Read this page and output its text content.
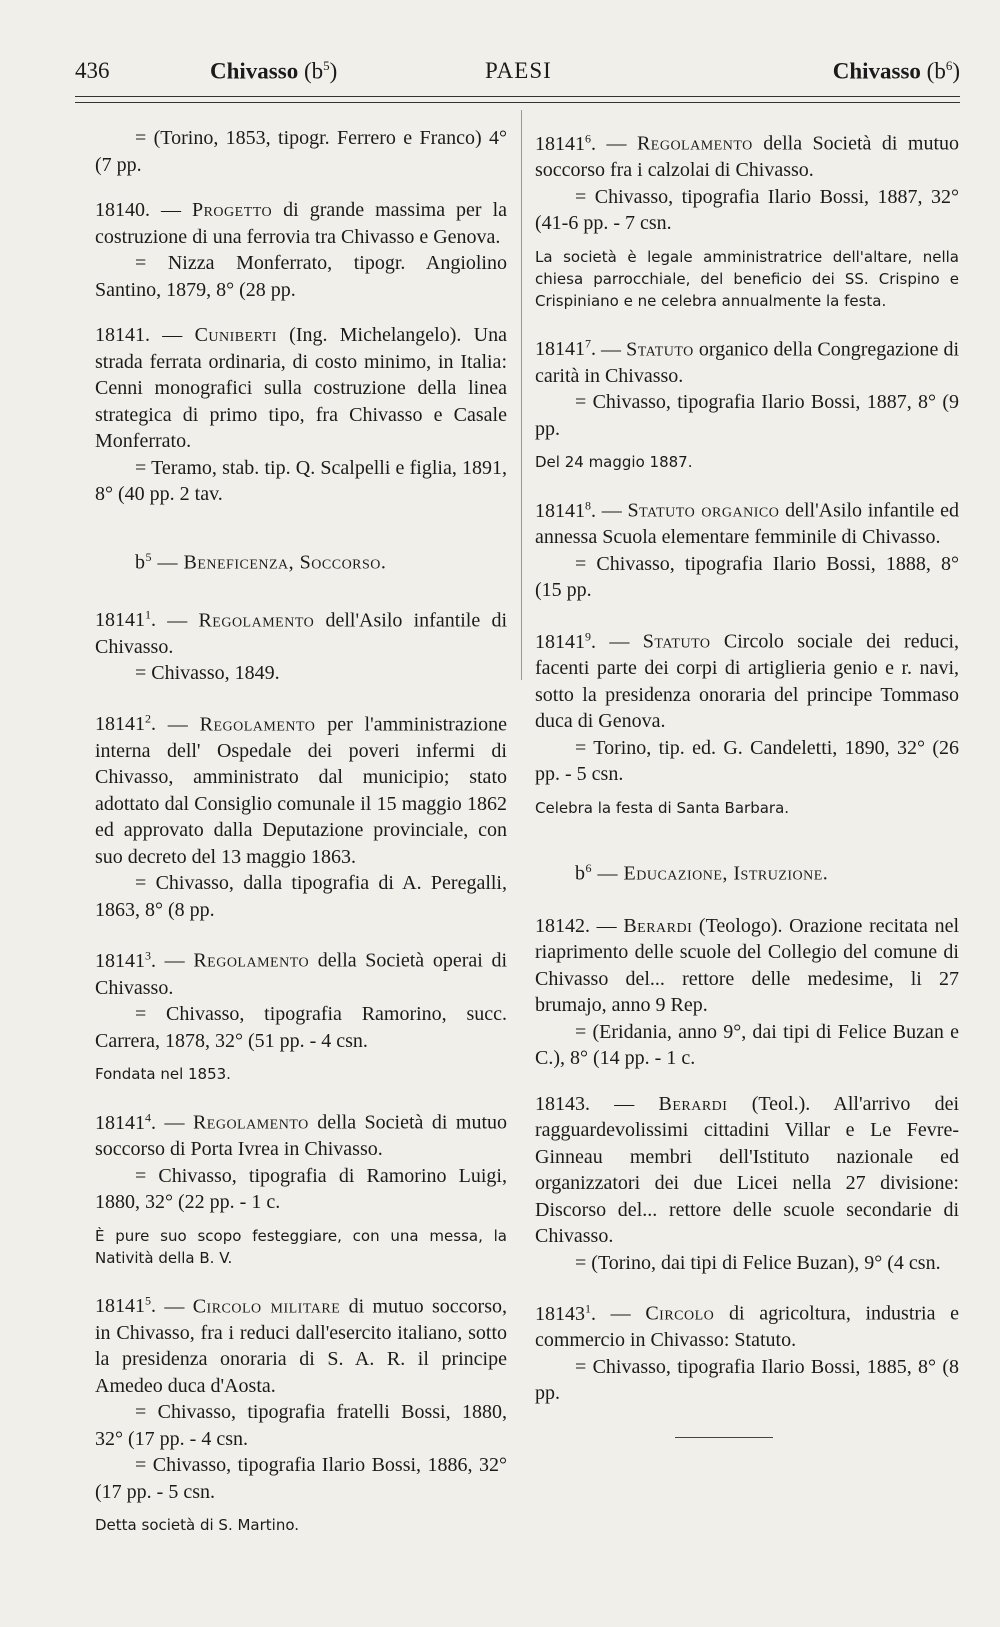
436	Chivasso $(b^5)$	PAESI	Chivasso $(b^6)$

= (Torino, 1853, tipogr. Ferrero e Franco) 4° (7 pp.

18140. — Progetto di grande massima per la costruzione di una ferrovia tra Chivasso e Genova.

= Nizza Monferrato, tipogr. Angiolino Santino, 1879, 8° (28 pp.

18141. — Cuniberti (Ing. Michelangelo). Una strada ferrata ordinaria, di costo minimo, in Italia: Cenni monografici sulla costruzione della linea strategica di primo tipo, fra Chivasso e Casale Monferrato.

= Teramo, stab. tip. Q. Scalpelli e figlia, 1891, 8° (40 pp. 2 tav.

$b^5$ — Beneficenza, Soccorso.

18141$^1$. — Regolamento dell'Asilo infantile di Chivasso.

= Chivasso, 1849.

18141$^2$. — Regolamento per l'amministrazione interna dell' Ospedale dei poveri infermi di Chivasso, amministrato dal municipio; stato adottato dal Consiglio comunale il 15 maggio 1862 ed approvato dalla Deputazione provinciale, con suo decreto del 13 maggio 1863.

= Chivasso, dalla tipografia di A. Peregalli, 1863, 8° (8 pp.

18141$^3$. — Regolamento della Società operai di Chivasso.

= Chivasso, tipografia Ramorino, succ. Carrera, 1878, 32° (51 pp. - 4 csn.

Fondata nel 1853.

18141$^4$. — Regolamento della Società di mutuo soccorso di Porta Ivrea in Chivasso.

= Chivasso, tipografia di Ramorino Luigi, 1880, 32° (22 pp. - 1 c.

È pure suo scopo festeggiare, con una messa, la Natività della B. V.

18141$^5$. — Circolo militare di mutuo soccorso, in Chivasso, fra i reduci dall'esercito italiano, sotto la presidenza onoraria di S. A. R. il principe Amedeo duca d'Aosta.

= Chivasso, tipografia fratelli Bossi, 1880, 32° (17 pp. - 4 csn.

= Chivasso, tipografia Ilario Bossi, 1886, 32° (17 pp. - 5 csn.

Detta società di S. Martino.

18141$^6$. — Regolamento della Società di mutuo soccorso fra i calzolai di Chivasso.

= Chivasso, tipografia Ilario Bossi, 1887, 32° (41-6 pp. - 7 csn.

La società è legale amministratrice dell'altare, nella chiesa parrocchiale, del beneficio dei SS. Crispino e Crispiniano e ne celebra annualmente la festa.

18141$^7$. — Statuto organico della Congregazione di carità in Chivasso.

= Chivasso, tipografia Ilario Bossi, 1887, 8° (9 pp.

Del 24 maggio 1887.

18141$^8$. — Statuto organico dell'Asilo infantile ed annessa Scuola elementare femminile di Chivasso.

= Chivasso, tipografia Ilario Bossi, 1888, 8° (15 pp.

18141$^9$. — Statuto Circolo sociale dei reduci, facenti parte dei corpi di artiglieria genio e r. navi, sotto la presidenza onoraria del principe Tommaso duca di Genova.

= Torino, tip. ed. G. Candeletti, 1890, 32° (26 pp. - 5 csn.

Celebra la festa di Santa Barbara.

$b^6$ — Educazione, Istruzione.

18142. — Berardi (Teologo). Orazione recitata nel riaprimento delle scuole del Collegio del comune di Chivasso del... rettore delle medesime, li 27 brumajo, anno 9 Rep.

= (Eridania, anno 9°, dai tipi di Felice Buzan e C.), 8° (14 pp. - 1 c.

18143. — Berardi (Teol.). All'arrivo dei ragguardevolissimi cittadini Villar e Le Fevre-Ginneau membri dell'Istituto nazionale ed organizzatori dei due Licei nella 27 divisione: Discorso del... rettore delle scuole secondarie di Chivasso.

= (Torino, dai tipi di Felice Buzan), 9° (4 csn.

18143$^1$. — Circolo di agricoltura, industria e commercio in Chivasso: Statuto.

= Chivasso, tipografia Ilario Bossi, 1885, 8° (8 pp.
